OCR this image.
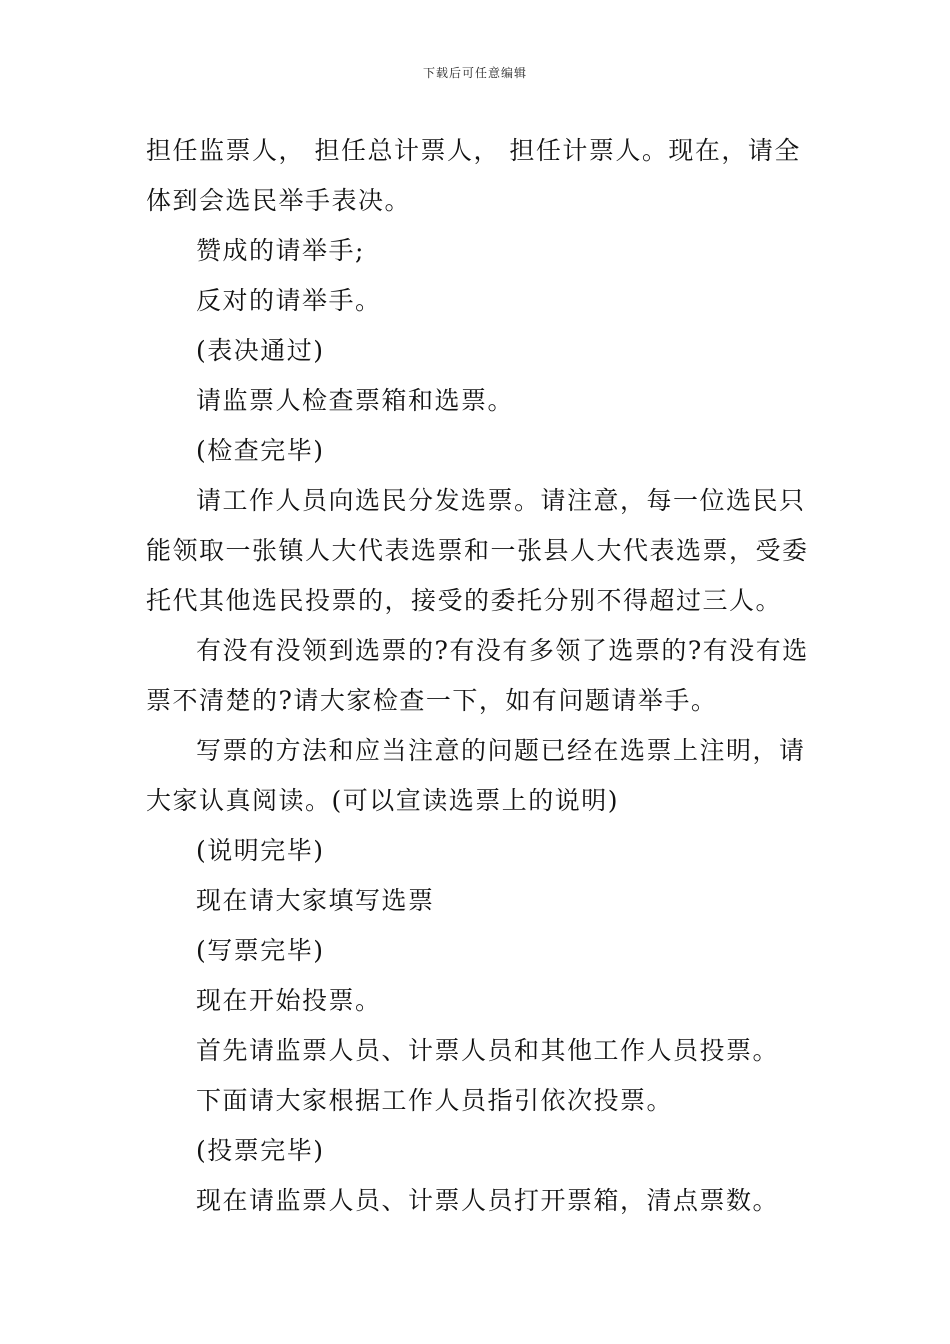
下载后可任意编辑
担任监票人， 担任总计票人， 担任计票人。现在，请全
体到会选民举手表决。
赞成的请举手;
反对的请举手。
(表决通过)
请监票人检查票箱和选票。
(检查完毕)
请工作人员向选民分发选票。请注意，每一位选民只
能领取一张镇人大代表选票和一张县人大代表选票，受委
托代其他选民投票的，接受的委托分别不得超过三人。
有没有没领到选票的?有没有多领了选票的?有没有选
票不清楚的?请大家检查一下，如有问题请举手。
写票的方法和应当注意的问题已经在选票上注明，请
大家认真阅读。(可以宣读选票上的说明)
(说明完毕)
现在请大家填写选票
(写票完毕)
现在开始投票。
首先请监票人员、计票人员和其他工作人员投票。
下面请大家根据工作人员指引依次投票。
(投票完毕)
现在请监票人员、计票人员打开票箱，清点票数。
